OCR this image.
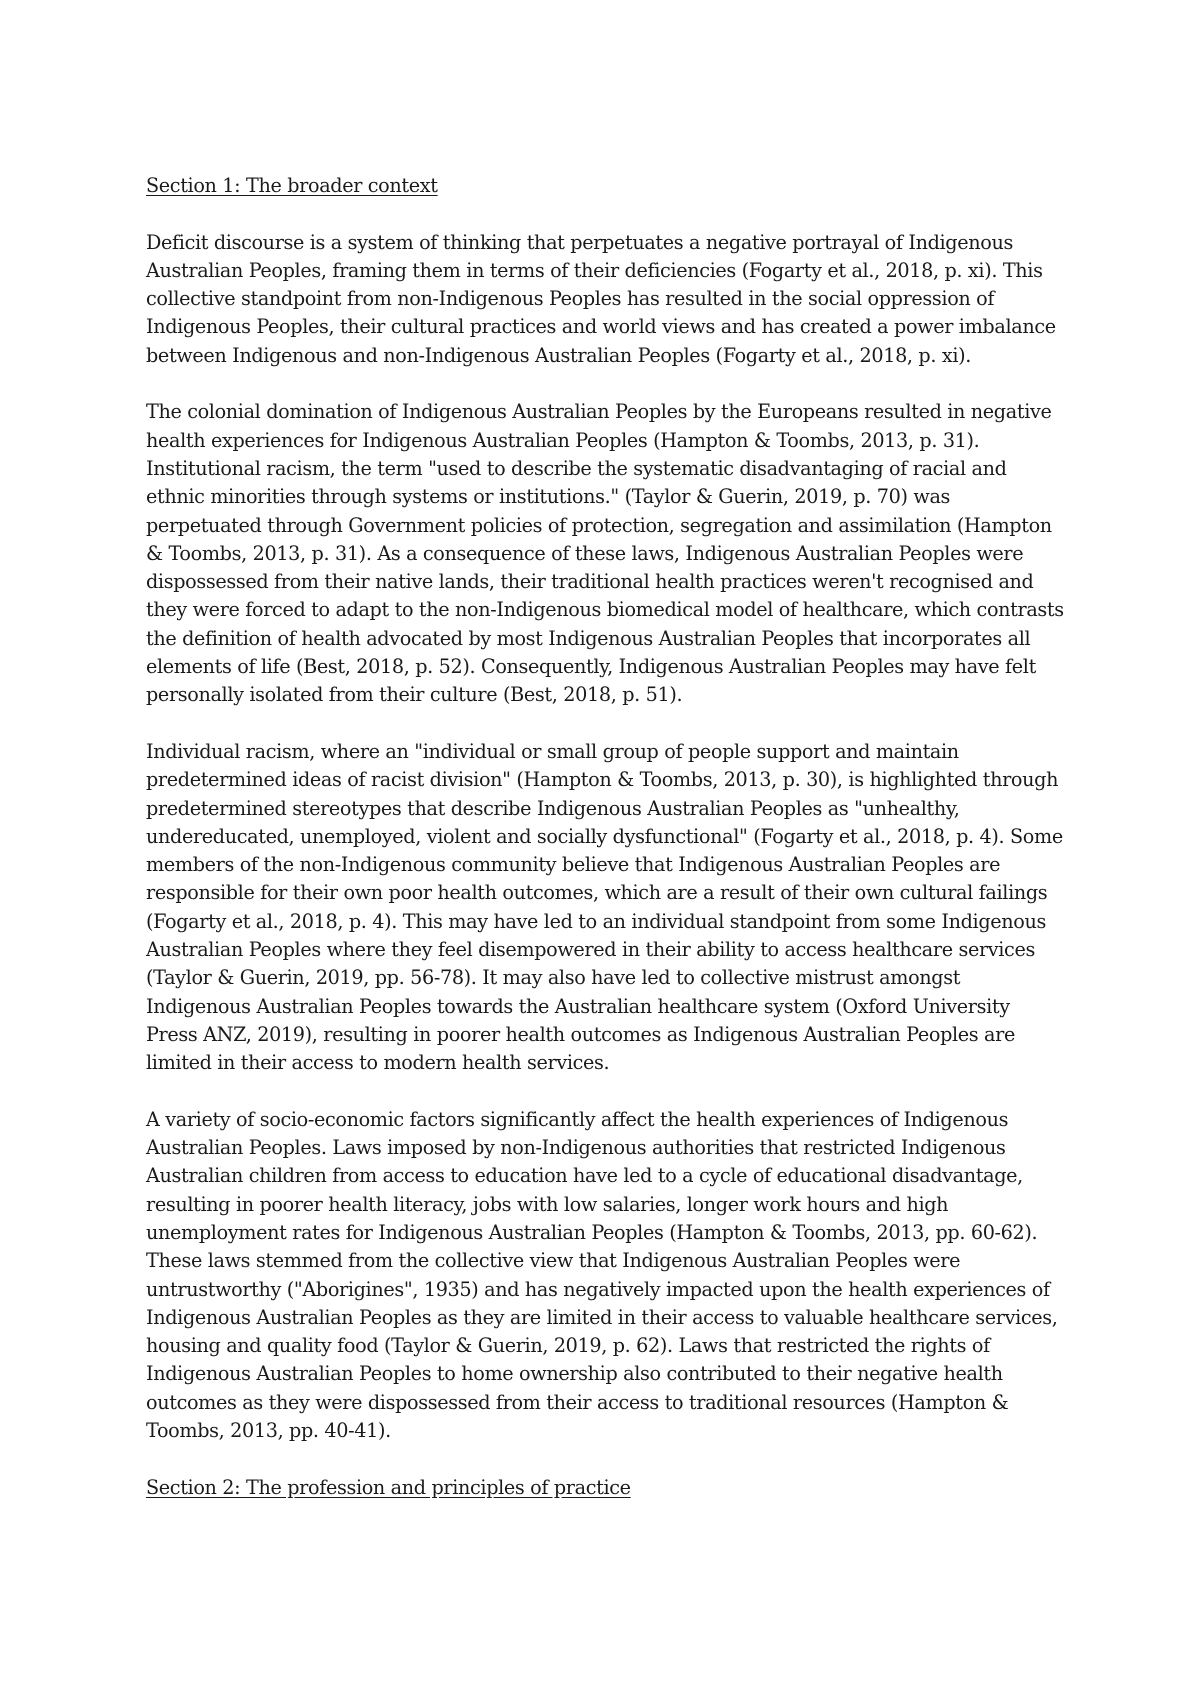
Section 1: The broader context

Deficit discourse is a system of thinking that perpetuates a negative portrayal of Indigenous Australian Peoples, framing them in terms of their deficiencies (Fogarty et al., 2018, p. xi). This collective standpoint from non-Indigenous Peoples has resulted in the social oppression of Indigenous Peoples, their cultural practices and world views and has created a power imbalance between Indigenous and non-Indigenous Australian Peoples (Fogarty et al., 2018, p. xi).

The colonial domination of Indigenous Australian Peoples by the Europeans resulted in negative health experiences for Indigenous Australian Peoples (Hampton & Toombs, 2013, p. 31). Institutional racism, the term "used to describe the systematic disadvantaging of racial and ethnic minorities through systems or institutions." (Taylor & Guerin, 2019, p. 70) was perpetuated through Government policies of protection, segregation and assimilation (Hampton & Toombs, 2013, p. 31). As a consequence of these laws, Indigenous Australian Peoples were dispossessed from their native lands, their traditional health practices weren't recognised and they were forced to adapt to the non-Indigenous biomedical model of healthcare, which contrasts the definition of health advocated by most Indigenous Australian Peoples that incorporates all elements of life (Best, 2018, p. 52). Consequently, Indigenous Australian Peoples may have felt personally isolated from their culture (Best, 2018, p. 51).

Individual racism, where an "individual or small group of people support and maintain predetermined ideas of racist division" (Hampton & Toombs, 2013, p. 30), is highlighted through predetermined stereotypes that describe Indigenous Australian Peoples as "unhealthy, undereducated, unemployed, violent and socially dysfunctional" (Fogarty et al., 2018, p. 4). Some members of the non-Indigenous community believe that Indigenous Australian Peoples are responsible for their own poor health outcomes, which are a result of their own cultural failings (Fogarty et al., 2018, p. 4). This may have led to an individual standpoint from some Indigenous Australian Peoples where they feel disempowered in their ability to access healthcare services (Taylor & Guerin, 2019, pp. 56-78). It may also have led to collective mistrust amongst Indigenous Australian Peoples towards the Australian healthcare system (Oxford University Press ANZ, 2019), resulting in poorer health outcomes as Indigenous Australian Peoples are limited in their access to modern health services.

A variety of socio-economic factors significantly affect the health experiences of Indigenous Australian Peoples. Laws imposed by non-Indigenous authorities that restricted Indigenous Australian children from access to education have led to a cycle of educational disadvantage, resulting in poorer health literacy, jobs with low salaries, longer work hours and high unemployment rates for Indigenous Australian Peoples (Hampton & Toombs, 2013, pp. 60-62). These laws stemmed from the collective view that Indigenous Australian Peoples were untrustworthy ("Aborigines", 1935) and has negatively impacted upon the health experiences of Indigenous Australian Peoples as they are limited in their access to valuable healthcare services, housing and quality food (Taylor & Guerin, 2019, p. 62). Laws that restricted the rights of Indigenous Australian Peoples to home ownership also contributed to their negative health outcomes as they were dispossessed from their access to traditional resources (Hampton & Toombs, 2013, pp. 40-41).

Section 2: The profession and principles of practice
